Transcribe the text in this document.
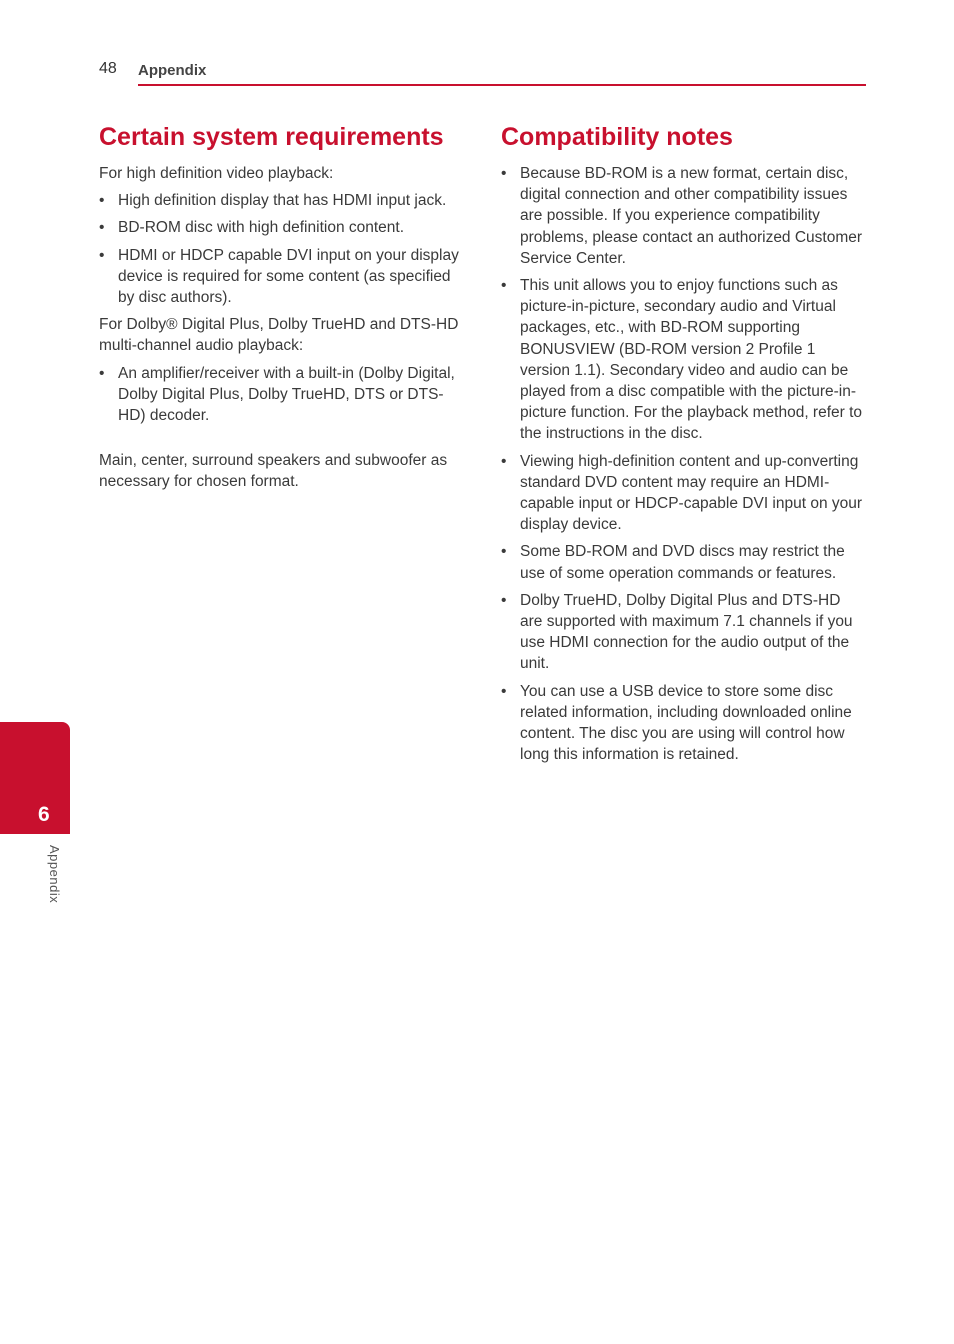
48 Appendix
Certain system requirements

For high definition video playback:

• High definition display that has HDMI input jack.
• BD-ROM disc with high definition content.
• HDMI or HDCP capable DVI input on your display device is required for some content (as specified by disc authors).

For Dolby® Digital Plus, Dolby TrueHD and DTS-HD multi-channel audio playback:

• An amplifier/receiver with a built-in (Dolby Digital, Dolby Digital Plus, Dolby TrueHD, DTS or DTS-HD) decoder.

Main, center, surround speakers and subwoofer as necessary for chosen format.

Compatibility notes
• Because BD-ROM is a new format, certain disc, digital connection and other compatibility issues are possible. If you experience compatibility problems, please contact an authorized Customer Service Center.
• This unit allows you to enjoy functions such as picture-in-picture, secondary audio and Virtual packages, etc., with BD-ROM supporting BONUSVIEW (BD-ROM version 2 Profile 1 version 1.1). Secondary video and audio can be played from a disc compatible with the picture-in-picture function. For the playback method, refer to the instructions in the disc.
• Viewing high-definition content and up-converting standard DVD content may require an HDMI-capable input or HDCP-capable DVI input on your display device.
• Some BD-ROM and DVD discs may restrict the use of some operation commands or features.
• Dolby TrueHD, Dolby Digital Plus and DTS-HD are supported with maximum 7.1 channels if you use HDMI connection for the audio output of the unit.
• You can use a USB device to store some disc related information, including downloaded online content. The disc you are using will control how long this information is retained.
6
Appendix
